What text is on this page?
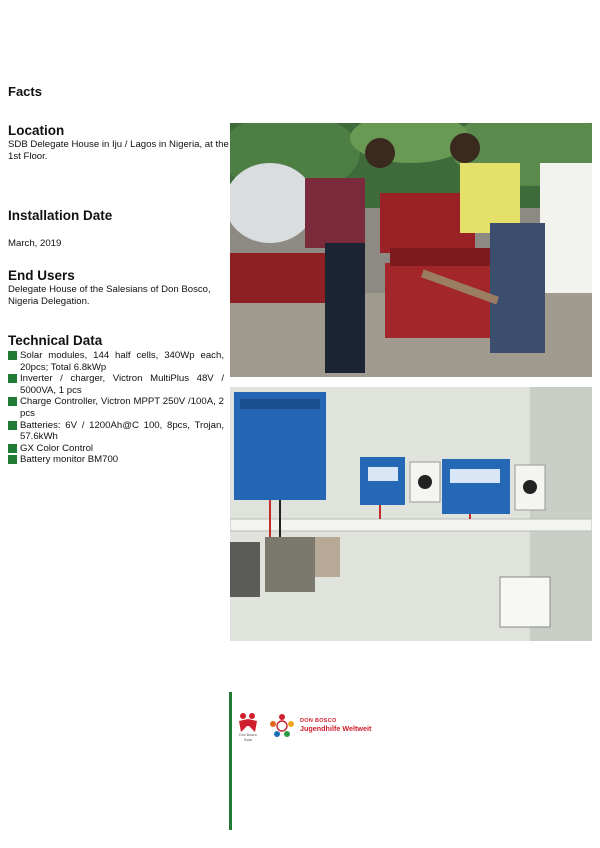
Facts
Location
SDB Delegate House in Iju / Lagos in Nigeria, at the 1st Floor.
Installation Date
March, 2019
End Users
Delegate House of the Salesians of Don Bosco, Nigeria Delegation.
Technical Data
Solar modules, 144 half cells, 340Wp each, 20pcs; Total 6.8kWp
Inverter / charger, Victron MultiPlus 48V / 5000VA, 1 pcs
Charge Controller, Victron MPPT 250V /100A, 2 pcs
Batteries: 6V / 1200Ah@C 100, 8pcs, Trojan, 57.6kWh
GX Color Control
Battery monitor BM700
Don Bosco
Solar
DON BOSCO
Jugendhilfe Weltweit
